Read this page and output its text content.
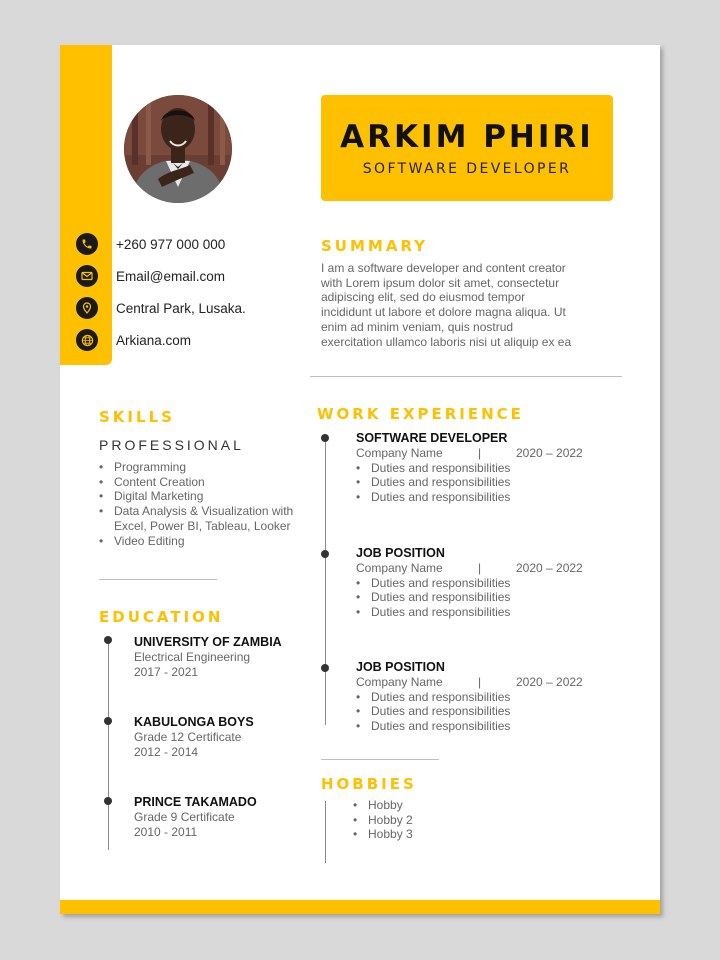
ARKIM PHIRI
SOFTWARE DEVELOPER
+260 977 000 000
Email@email.com
Central Park, Lusaka.
Arkiana.com
SUMMARY
I am a software developer and content creator
with Lorem ipsum dolor sit amet, consectetur
adipiscing elit, sed do eiusmod tempor
incididunt ut labore et dolore magna aliqua. Ut
enim ad minim veniam, quis nostrud
exercitation ullamco laboris nisi ut aliquip ex ea
SKILLS
PROFESSIONAL
• Programming
• Content Creation
• Digital Marketing
• Data Analysis & Visualization with Excel, Power BI, Tableau, Looker
• Video Editing
EDUCATION
UNIVERSITY OF ZAMBIA
Electrical Engineering
2017 - 2021
KABULONGA BOYS
Grade 12 Certificate
2012 - 2014
PRINCE TAKAMADO
Grade 9 Certificate
2010 - 2011
WORK EXPERIENCE
SOFTWARE DEVELOPER
Company Name	|	2020 – 2022
• Duties and responsibilities
• Duties and responsibilities
• Duties and responsibilities
JOB POSITION
Company Name	|	2020 – 2022
• Duties and responsibilities
• Duties and responsibilities
• Duties and responsibilities
JOB POSITION
Company Name	|	2020 – 2022
• Duties and responsibilities
• Duties and responsibilities
• Duties and responsibilities
HOBBIES
• Hobby
• Hobby 2
• Hobby 3
